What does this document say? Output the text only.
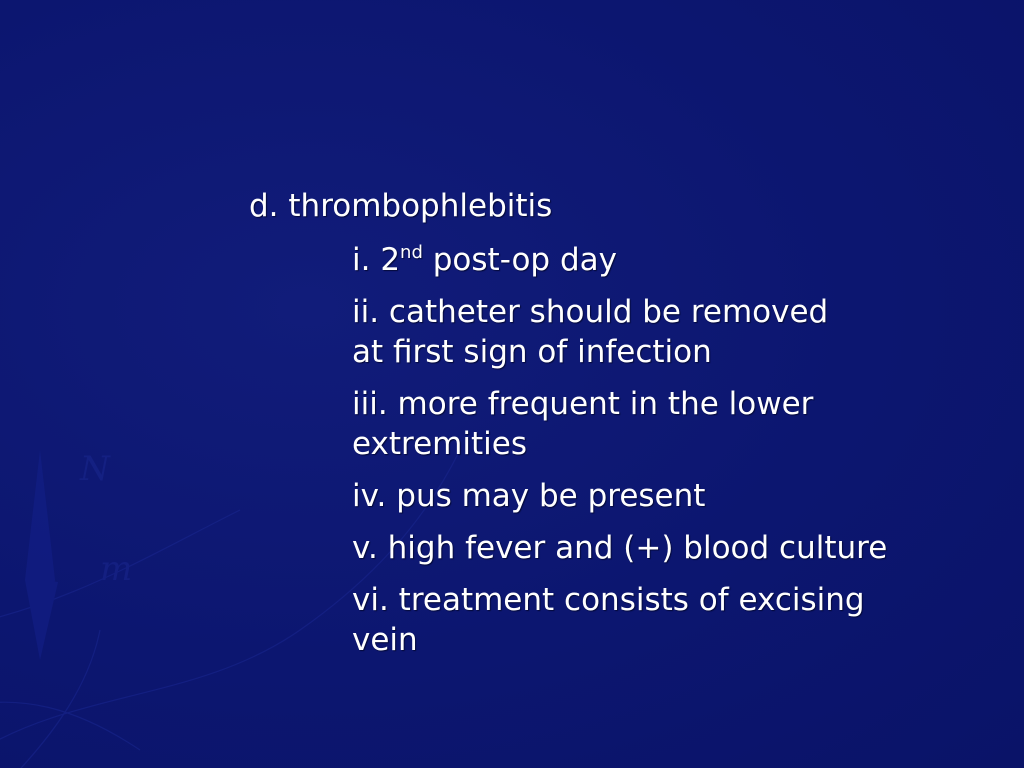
N
m
d. thrombophlebitis
i. 2nd post-op day
ii. catheter should be removed
at first sign of infection
iii. more frequent in the lower
extremities
iv. pus may be present
v. high fever and (+) blood culture
vi. treatment consists of excising
vein
